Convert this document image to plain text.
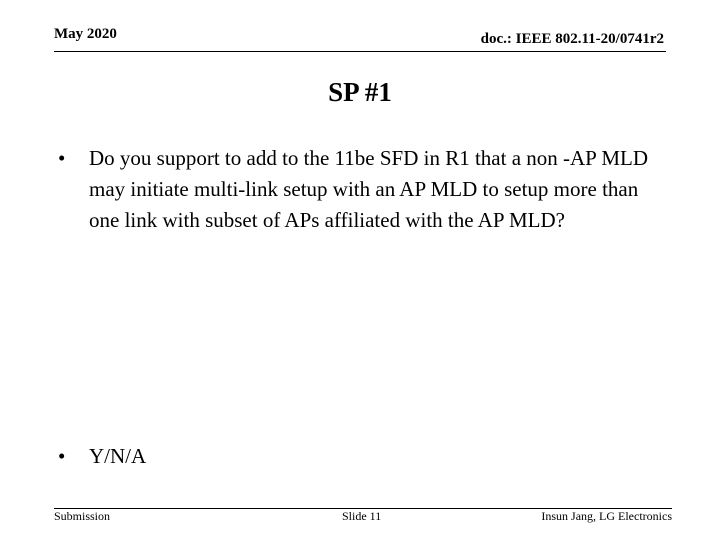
May 2020	doc.: IEEE 802.11-20/0741r2
SP #1
•	Do you support to add to the 11be SFD in R1 that a non -AP MLD may initiate multi-link setup with an AP MLD to setup more than one link with subset of APs affiliated with the AP MLD?
•	Y/N/A
Submission	Slide 11	Insun Jang, LG Electronics
